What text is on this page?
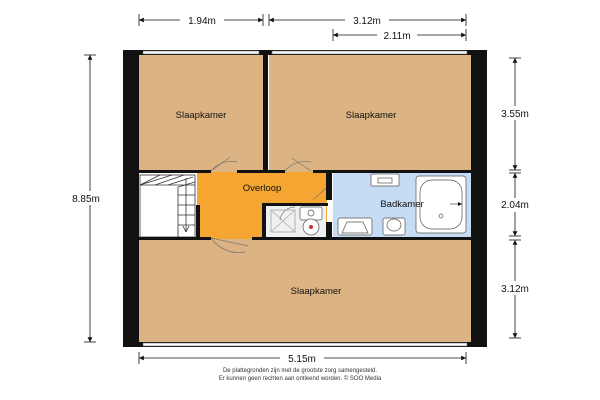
1.94m	3.12m
2.11m
8.85m
3.55m
2.04m
3.12m
5.15m
Slaapkamer	Slaapkamer
Overloop
Badkamer
Slaapkamer
De plattegronden zijn met de grootste zorg samengesteld.
Er kunnen geen rechten aan ontleend worden. © SOO Media
